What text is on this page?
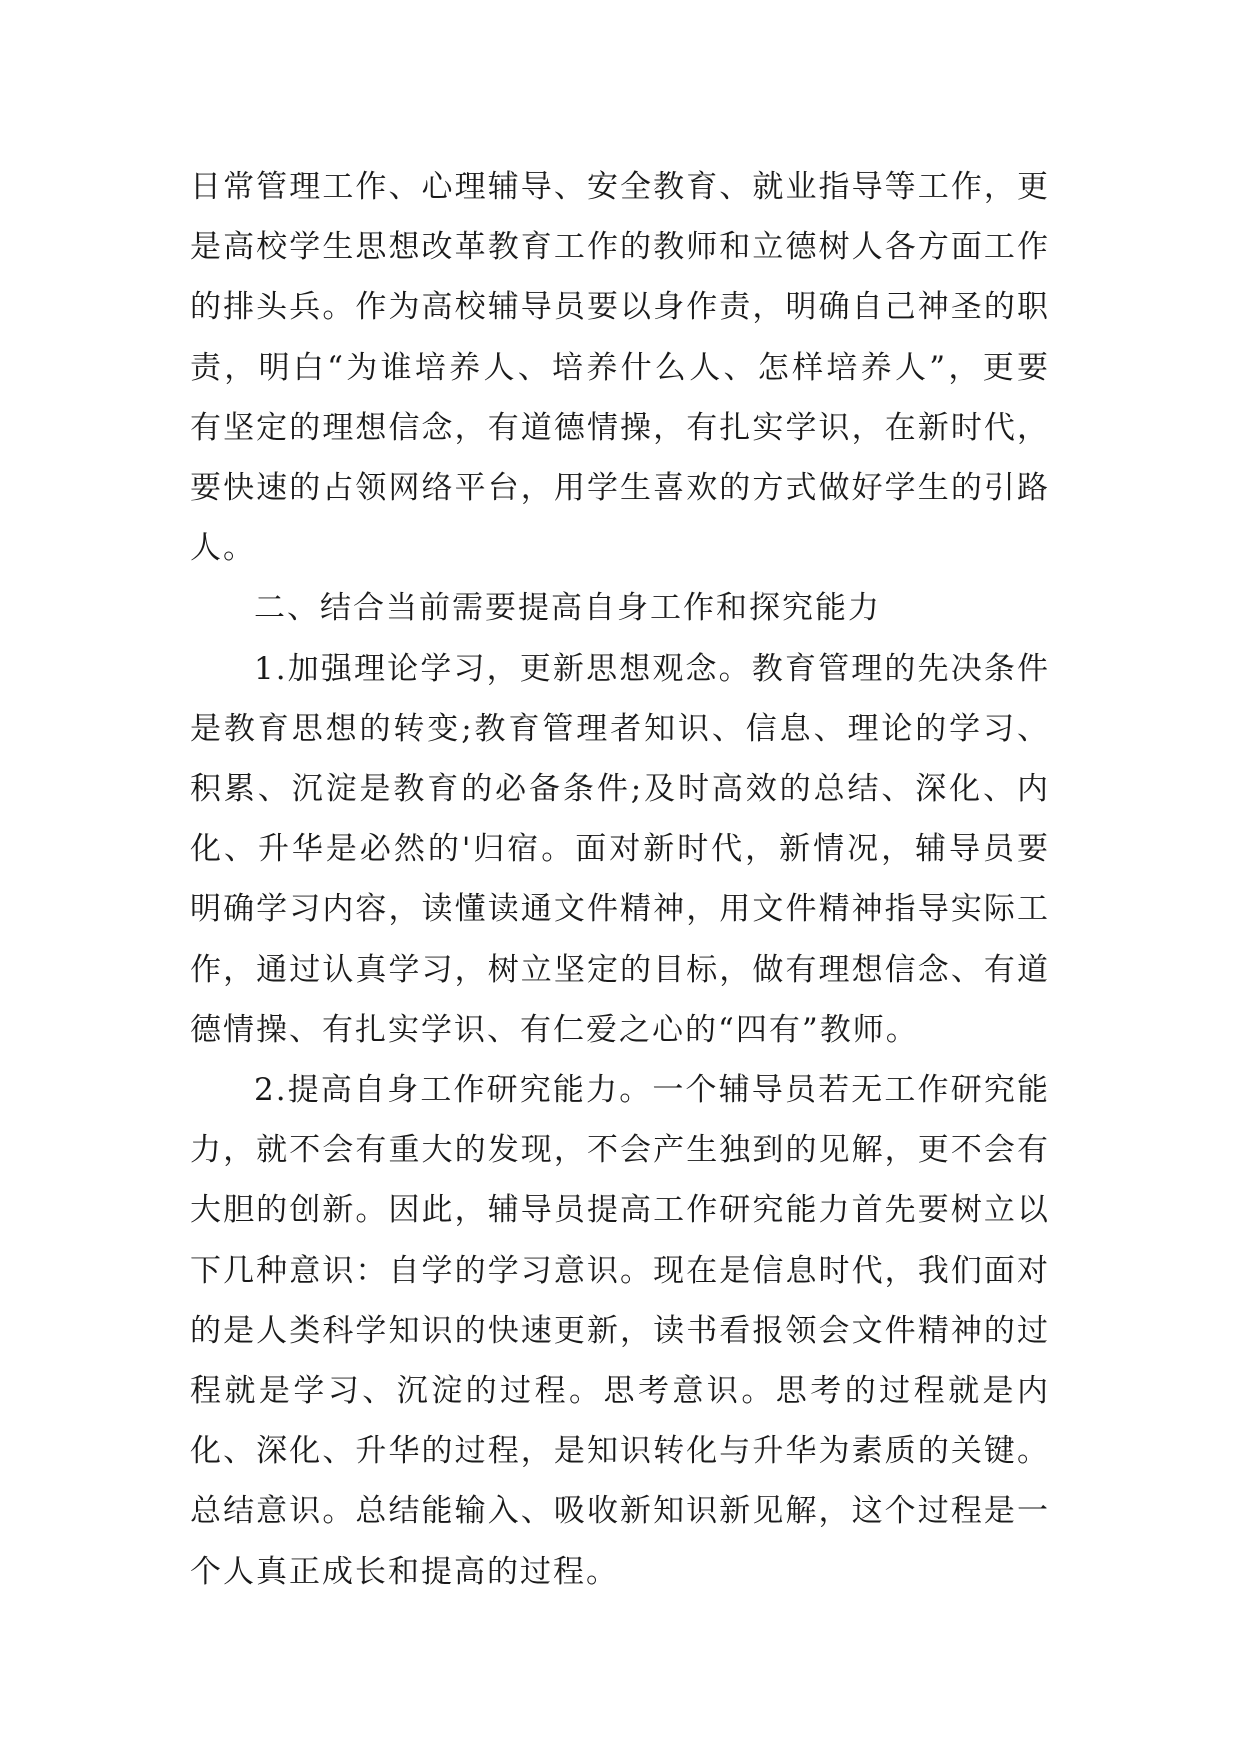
日常管理工作、心理辅导、安全教育、就业指导等工作，更是高校学生思想改革教育工作的教师和立德树人各方面工作的排头兵。作为高校辅导员要以身作责，明确自己神圣的职责，明白“为谁培养人、培养什么人、怎样培养人”，更要有坚定的理想信念，有道德情操，有扎实学识，在新时代，要快速的占领网络平台，用学生喜欢的方式做好学生的引路人。

二、结合当前需要提高自身工作和探究能力

1.加强理论学习，更新思想观念。教育管理的先决条件是教育思想的转变;教育管理者知识、信息、理论的学习、积累、沉淀是教育的必备条件;及时高效的总结、深化、内化、升华是必然的'归宿。面对新时代，新情况，辅导员要明确学习内容，读懂读通文件精神，用文件精神指导实际工作，通过认真学习，树立坚定的目标，做有理想信念、有道德情操、有扎实学识、有仁爱之心的“四有”教师。

2.提高自身工作研究能力。一个辅导员若无工作研究能力，就不会有重大的发现，不会产生独到的见解，更不会有大胆的创新。因此，辅导员提高工作研究能力首先要树立以下几种意识：自学的学习意识。现在是信息时代，我们面对的是人类科学知识的快速更新，读书看报领会文件精神的过程就是学习、沉淀的过程。思考意识。思考的过程就是内化、深化、升华的过程，是知识转化与升华为素质的关键。总结意识。总结能输入、吸收新知识新见解，这个过程是一个人真正成长和提高的过程。
